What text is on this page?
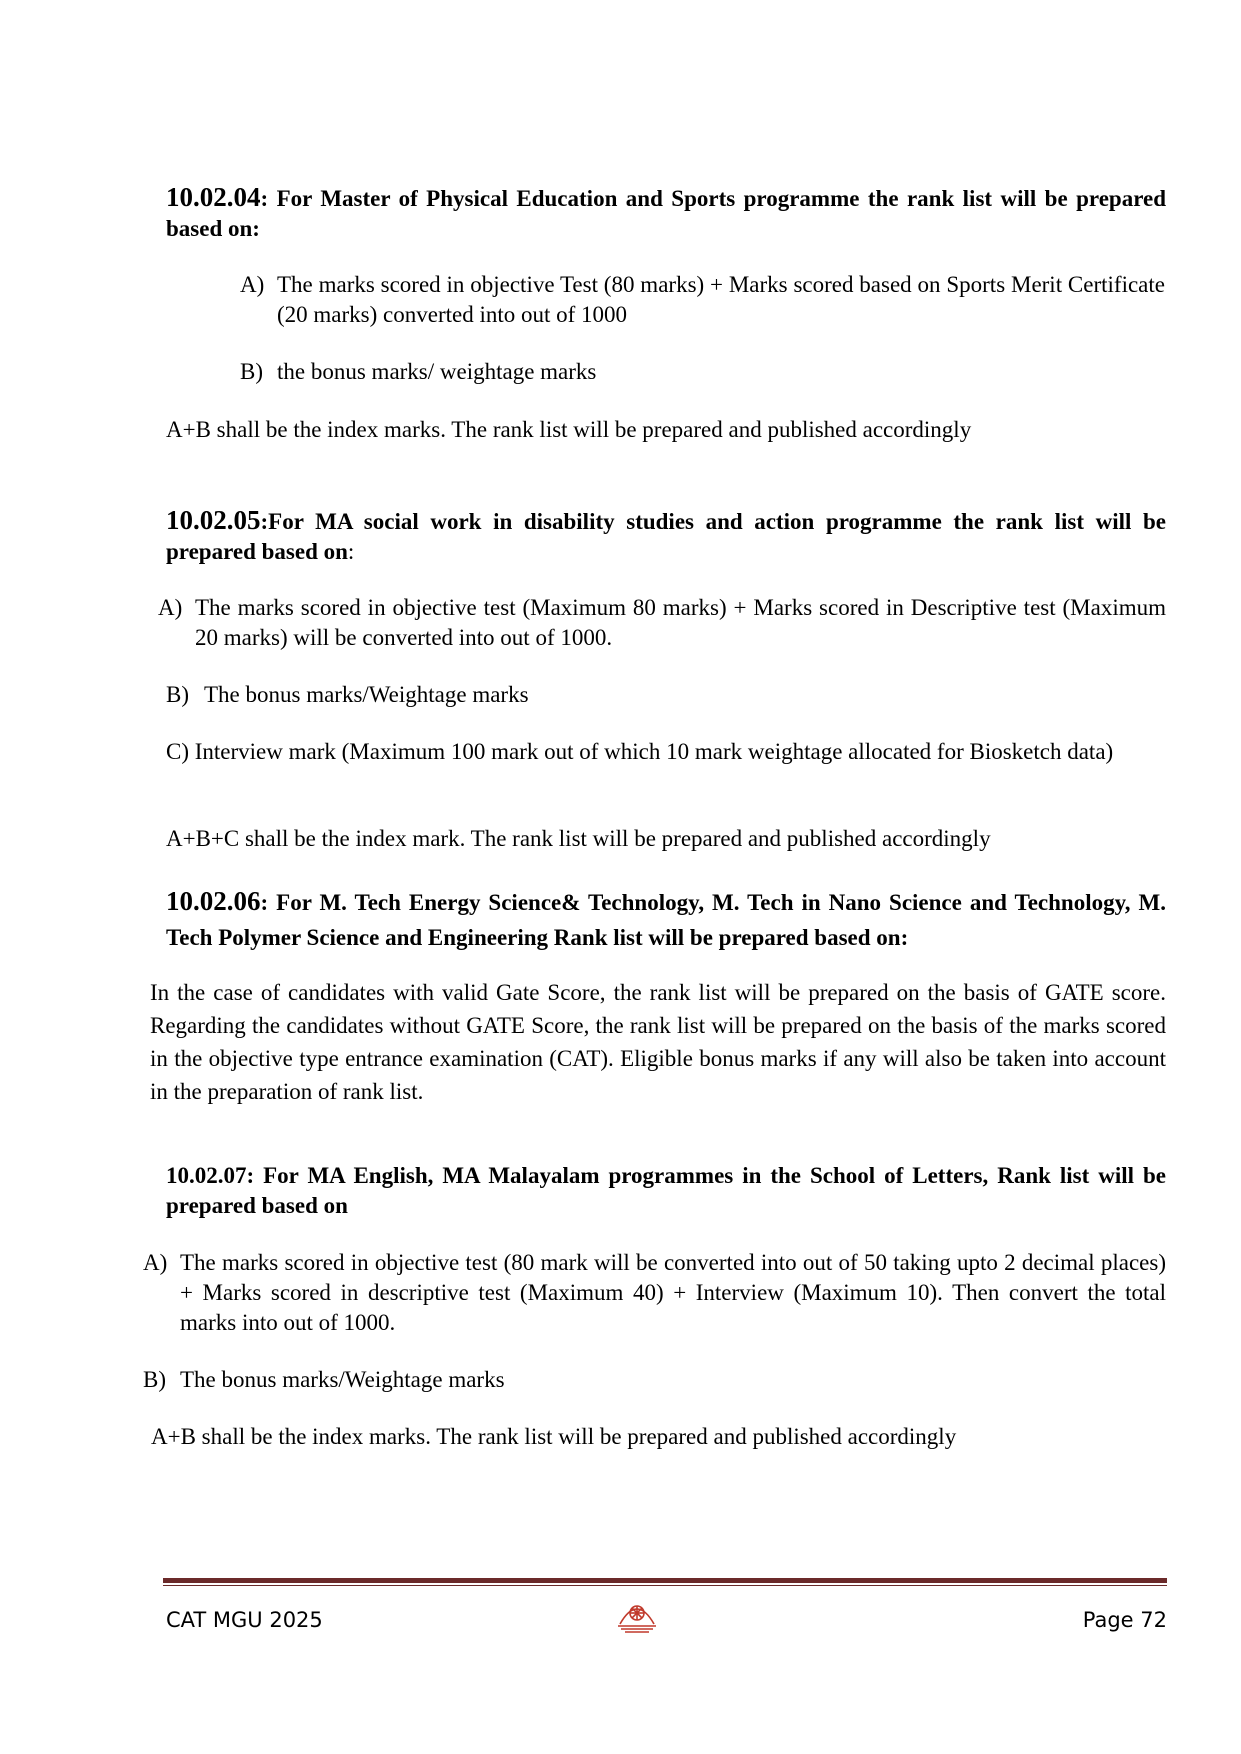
10.02.04: For Master of Physical Education and Sports programme the rank list will be prepared based on:
A) The marks scored in objective Test (80 marks) + Marks scored based on Sports Merit Certificate (20 marks) converted into out of 1000
B) the bonus marks/ weightage marks
A+B shall be the index marks. The rank list will be prepared and published accordingly
10.02.05:For MA social work in disability studies and action programme the rank list will be prepared based on:
A) The marks scored in objective test (Maximum 80 marks) + Marks scored in Descriptive test (Maximum 20 marks) will be converted into out of 1000.
B) The bonus marks/Weightage marks
C) Interview mark (Maximum 100 mark out of which 10 mark weightage allocated for Biosketch data)
A+B+C shall be the index mark. The rank list will be prepared and published accordingly
10.02.06: For M. Tech Energy Science& Technology, M. Tech in Nano Science and Technology, M. Tech Polymer Science and Engineering Rank list will be prepared based on:
In the case of candidates with valid Gate Score, the rank list will be prepared on the basis of GATE score. Regarding the candidates without GATE Score, the rank list will be prepared on the basis of the marks scored in the objective type entrance examination (CAT). Eligible bonus marks if any will also be taken into account in the preparation of rank list.
10.02.07: For MA English, MA Malayalam programmes in the School of Letters, Rank list will be prepared based on
A) The marks scored in objective test (80 mark will be converted into out of 50 taking upto 2 decimal places) + Marks scored in descriptive test (Maximum 40) + Interview (Maximum 10). Then convert the total marks into out of 1000.
B) The bonus marks/Weightage marks
A+B shall be the index marks. The rank list will be prepared and published accordingly
CAT MGU 2025	Page 72
